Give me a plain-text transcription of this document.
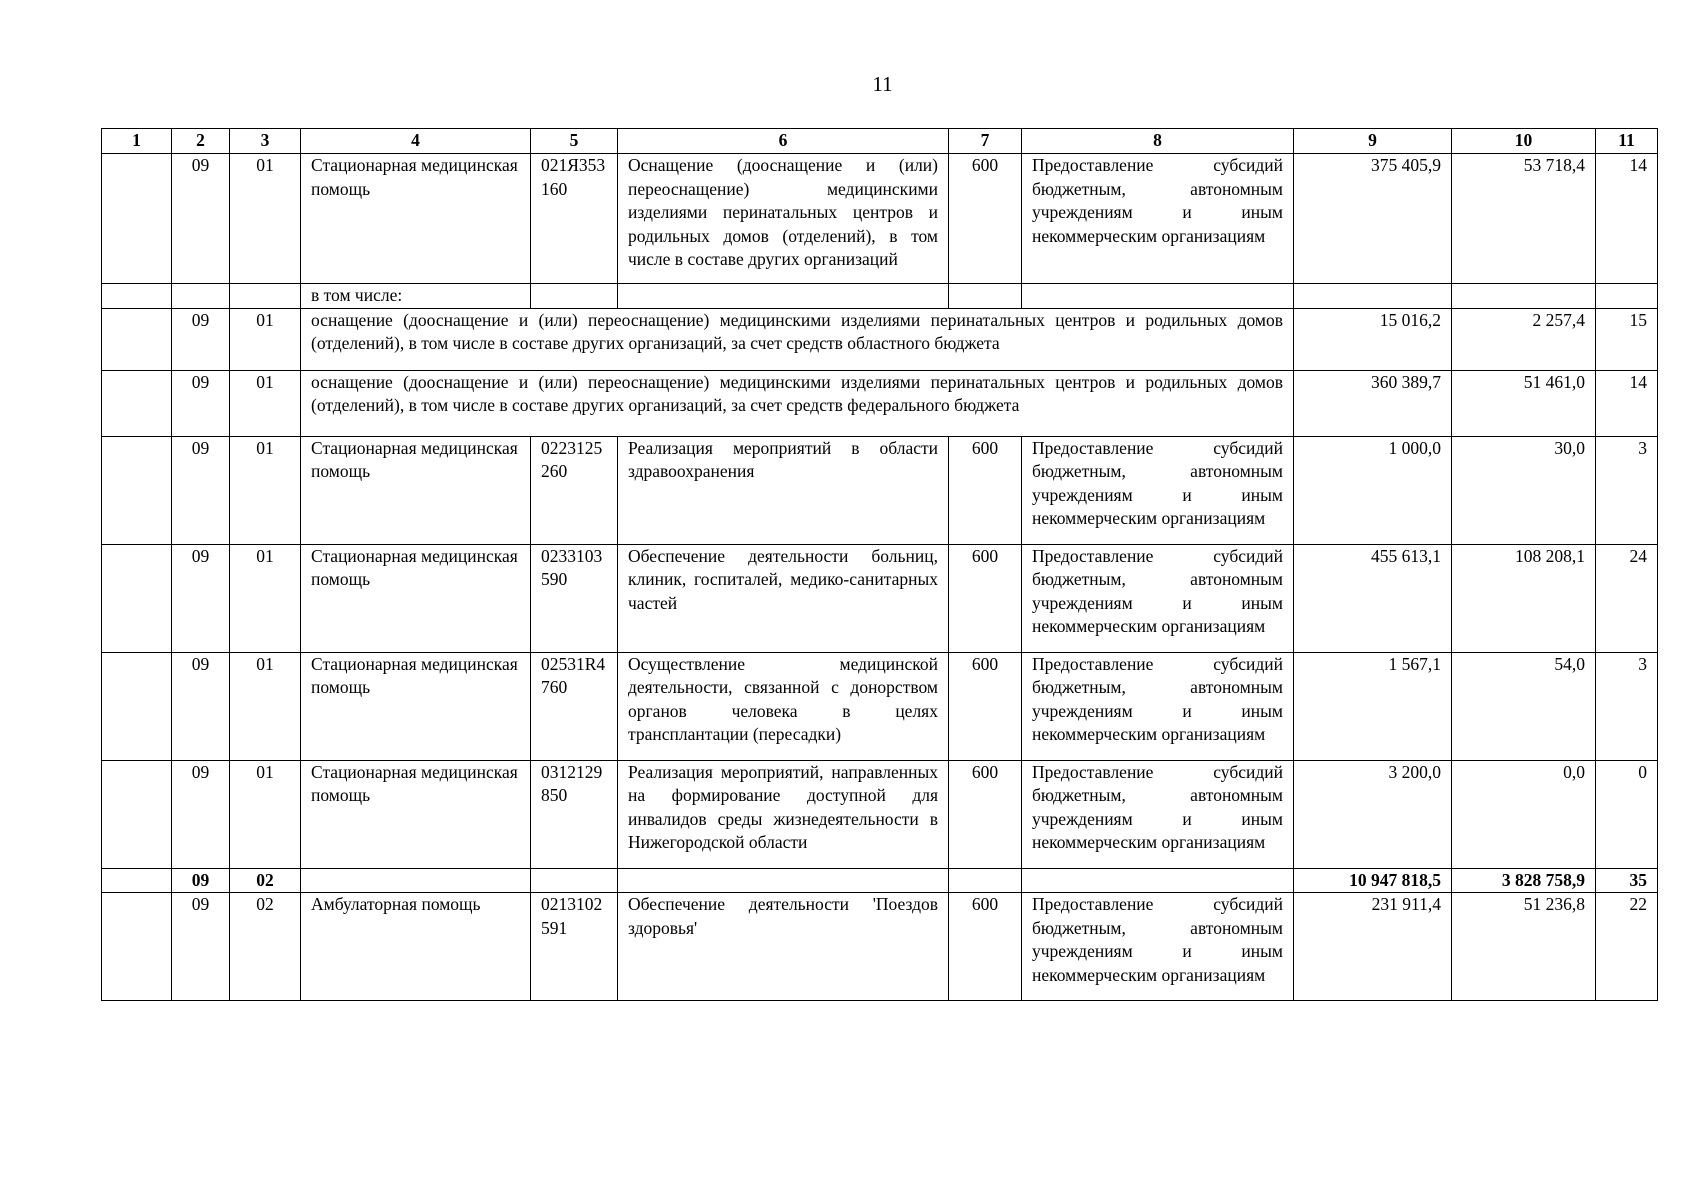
11
1	2	3	4	5	6	7	8	9	10	11
	09	01	Стационарная медицинская помощь	021Я353160	Оснащение (дооснащение и (или) переоснащение) медицинскими изделиями перинатальных центров и родильных домов (отделений), в том числе в составе других организаций	600	Предоставление субсидий бюджетным, автономным учреждениям и иным некоммерческим организациям	375 405,9	53 718,4	14
			в том числе:							
	09	01	оснащение (дооснащение и (или) переоснащение) медицинскими изделиями перинатальных центров и родильных домов (отделений), в том числе в составе других организаций, за счет средств областного бюджета					15 016,2	2 257,4	15
	09	01	оснащение (дооснащение и (или) переоснащение) медицинскими изделиями перинатальных центров и родильных домов (отделений), в том числе в составе других организаций, за счет средств федерального бюджета					360 389,7	51 461,0	14
	09	01	Стационарная медицинская помощь	0223125260	Реализация мероприятий в области здравоохранения	600	Предоставление субсидий бюджетным, автономным учреждениям и иным некоммерческим организациям	1 000,0	30,0	3
	09	01	Стационарная медицинская помощь	0233103590	Обеспечение деятельности больниц, клиник, госпиталей, медико-санитарных частей	600	Предоставление субсидий бюджетным, автономным учреждениям и иным некоммерческим организациям	455 613,1	108 208,1	24
	09	01	Стационарная медицинская помощь	02531R4760	Осуществление медицинской деятельности, связанной с донорством органов человека в целях трансплантации (пересадки)	600	Предоставление субсидий бюджетным, автономным учреждениям и иным некоммерческим организациям	1 567,1	54,0	3
	09	01	Стационарная медицинская помощь	0312129850	Реализация мероприятий, направленных на формирование доступной для инвалидов среды жизнедеятельности в Нижегородской области	600	Предоставление субсидий бюджетным, автономным учреждениям и иным некоммерческим организациям	3 200,0	0,0	0
	09	02						10 947 818,5	3 828 758,9	35
	09	02	Амбулаторная помощь	0213102591	Обеспечение деятельности 'Поездов здоровья'	600	Предоставление субсидий бюджетным, автономным учреждениям и иным некоммерческим организациям	231 911,4	51 236,8	22
